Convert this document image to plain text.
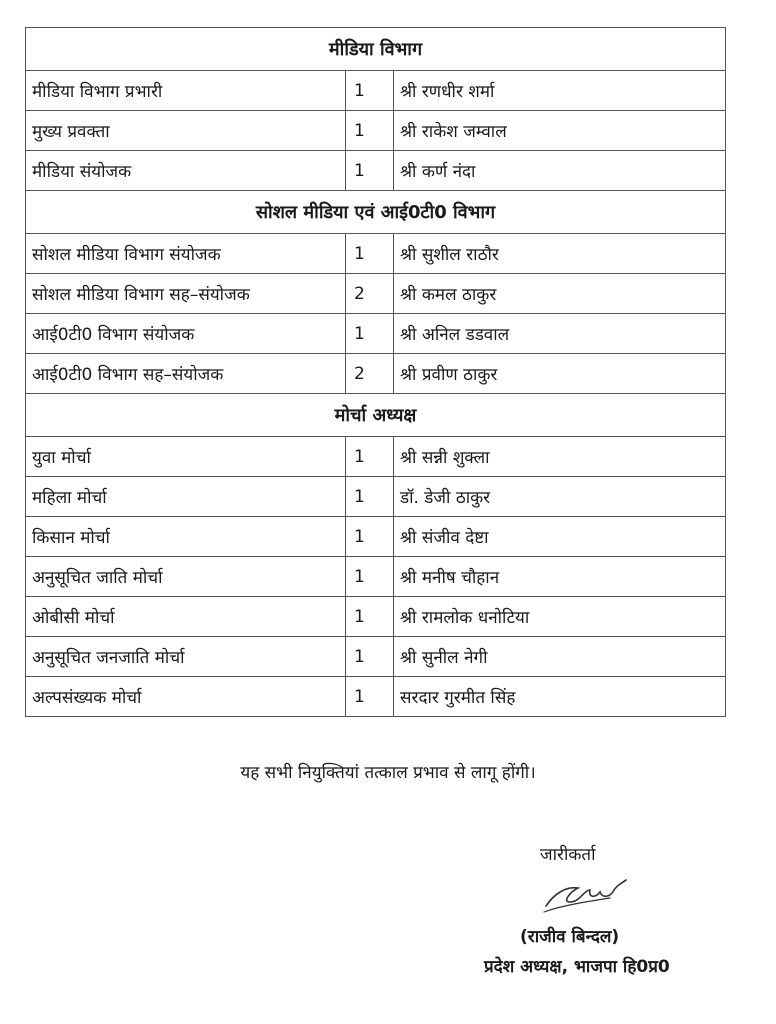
मीडिया विभाग		
मीडिया विभाग प्रभारी	1	श्री रणधीर शर्मा
मुख्य प्रवक्ता	1	श्री राकेश जम्वाल
मीडिया संयोजक	1	श्री कर्ण नंदा
सोशल मीडिया एवं आई0टी0 विभाग		
सोशल मीडिया विभाग संयोजक	1	श्री सुशील राठौर
सोशल मीडिया विभाग सह–संयोजक	2	श्री कमल ठाकुर
आई0टी0 विभाग संयोजक	1	श्री अनिल डडवाल
आई0टी0 विभाग सह–संयोजक	2	श्री प्रवीण ठाकुर
मोर्चा अध्यक्ष		
युवा मोर्चा	1	श्री सन्नी शुक्ला
महिला मोर्चा	1	डॉ. डेजी ठाकुर
किसान मोर्चा	1	श्री संजीव देष्टा
अनुसूचित जाति मोर्चा	1	श्री मनीष चौहान
ओबीसी मोर्चा	1	श्री रामलोक धनोटिया
अनुसूचित जनजाति मोर्चा	1	श्री सुनील नेगी
अल्पसंख्यक मोर्चा	1	सरदार गुरमीत सिंह
यह सभी नियुक्तियां तत्काल प्रभाव से लागू होंगी।
जारीकर्ता
(राजीव बिन्दल)
प्रदेश अध्यक्ष, भाजपा हि0प्र0
